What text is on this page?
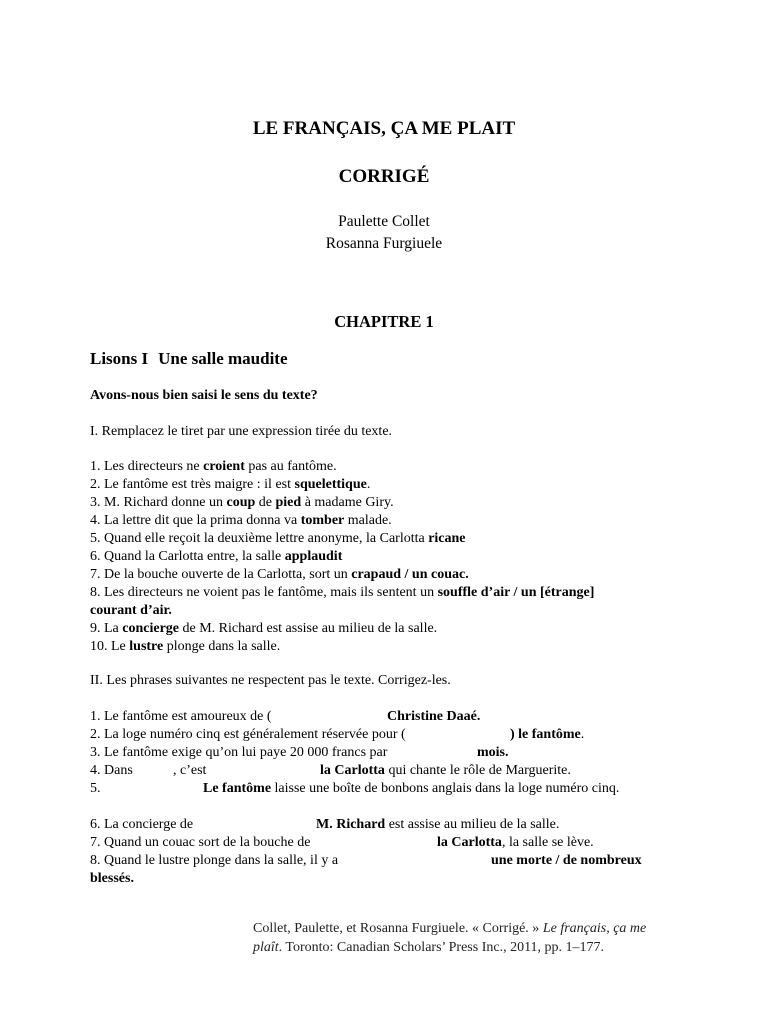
LE FRANÇAIS, ÇA ME PLAIT
CORRIGÉ
Paulette Collet
Rosanna Furgiuele
CHAPITRE 1
Lisons I Une salle maudite
Avons-nous bien saisi le sens du texte?
I. Remplacez le tiret par une expression tirée du texte.
1. Les directeurs ne croient pas au fantôme.
2. Le fantôme est très maigre : il est squelettique.
3. M. Richard donne un coup de pied à madame Giry.
4. La lettre dit que la prima donna va tomber malade.
5. Quand elle reçoit la deuxième lettre anonyme, la Carlotta ricane
6. Quand la Carlotta entre, la salle applaudit
7. De la bouche ouverte de la Carlotta, sort un crapaud / un couac.
8. Les directeurs ne voient pas le fantôme, mais ils sentent un souffle d’air / un [étrange]
courant d’air.
9. La concierge de M. Richard est assise au milieu de la salle.
10. Le lustre plonge dans la salle.
II. Les phrases suivantes ne respectent pas le texte. Corrigez-les.
1. Le fantôme est amoureux de (	Christine Daaé.
2. La loge numéro cinq est généralement réservée pour (	) le fantôme.
3. Le fantôme exige qu’on lui paye 20 000 francs par	mois.
4. Dans	, c’est	la Carlotta qui chante le rôle de Marguerite.
5.	Le fantôme laisse une boîte de bonbons anglais dans la loge numéro cinq.
6. La concierge de	M. Richard est assise au milieu de la salle.
7. Quand un couac sort de la bouche de	la Carlotta, la salle se lève.
8. Quand le lustre plonge dans la salle, il y a	une morte / de nombreux
blessés.
Collet, Paulette, et Rosanna Furgiuele. « Corrigé. » Le français, ça me plaît. Toronto: Canadian Scholars’ Press Inc., 2011, pp. 1–177.
